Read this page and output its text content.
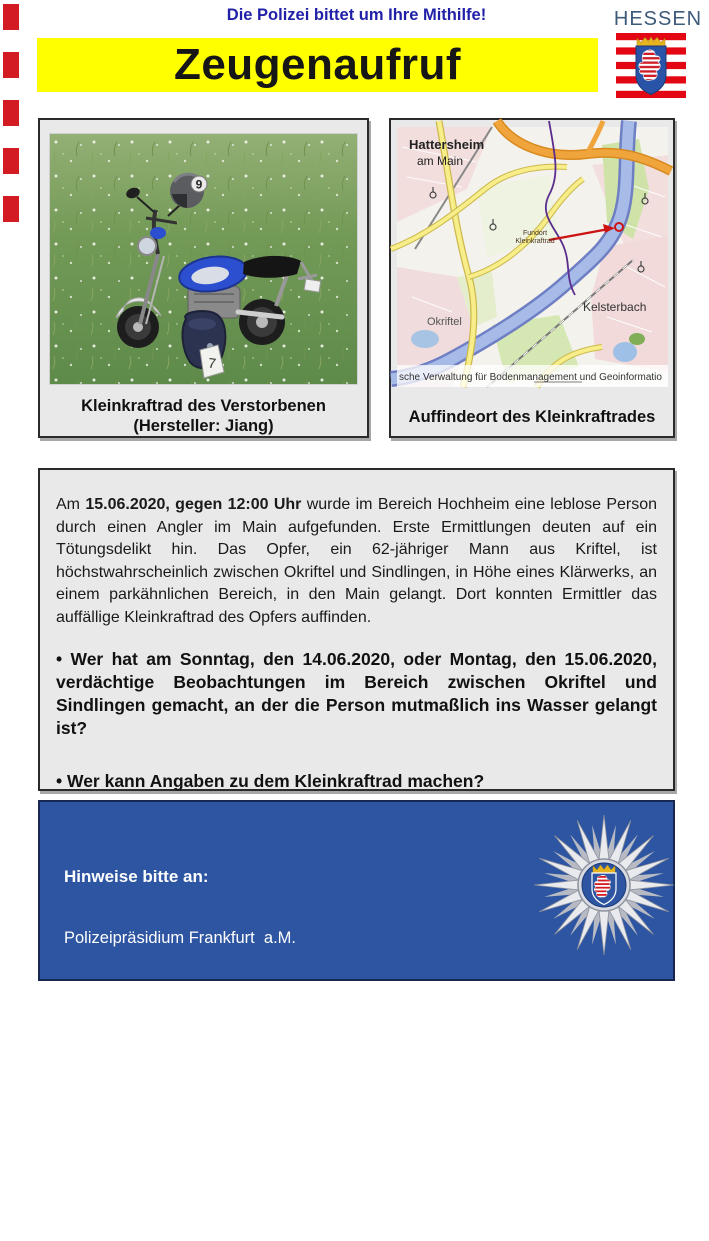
Die Polizei bittet um Ihre Mithilfe!
Zeugenaufruf
HESSEN
9
7
Kleinkraftrad des Verstorbenen
(Hersteller: Jiang)
Hattersheim
am Main
Okriftel
Kelsterbach
Fundort
Kleinkraftrad
sche Verwaltung für Bodenmanagement und Geoinformatio
Auffindeort des Kleinkraftrades
Am 15.06.2020, gegen 12:00 Uhr wurde im Bereich Hochheim eine leblose Person durch einen Angler im Main aufgefunden. Erste Ermittlungen deuten auf ein Tötungsdelikt hin. Das Opfer, ein 62-jähriger Mann aus Kriftel, ist höchstwahrscheinlich zwischen Okriftel und Sindlingen, in Höhe eines Klärwerks, an einem parkähnlichen Bereich, in den Main gelangt. Dort konnten Ermittler das auffällige Kleinkraftrad des Opfers auffinden.
• Wer hat am Sonntag, den 14.06.2020, oder Montag, den 15.06.2020, verdächtige Beobachtungen im Bereich zwischen Okriftel und Sindlingen gemacht, an der die Person mutmaßlich ins Wasser gelangt ist?
• Wer kann Angaben zu dem Kleinkraftrad machen?

Hinweise bitte an:

Polizeipräsidium Frankfurt  a.M.

Tel.: 069 / 755-51199

oder jede andere Polizeidienststelle

Weitere Informationen  unter  www.polizei.hessen.de
